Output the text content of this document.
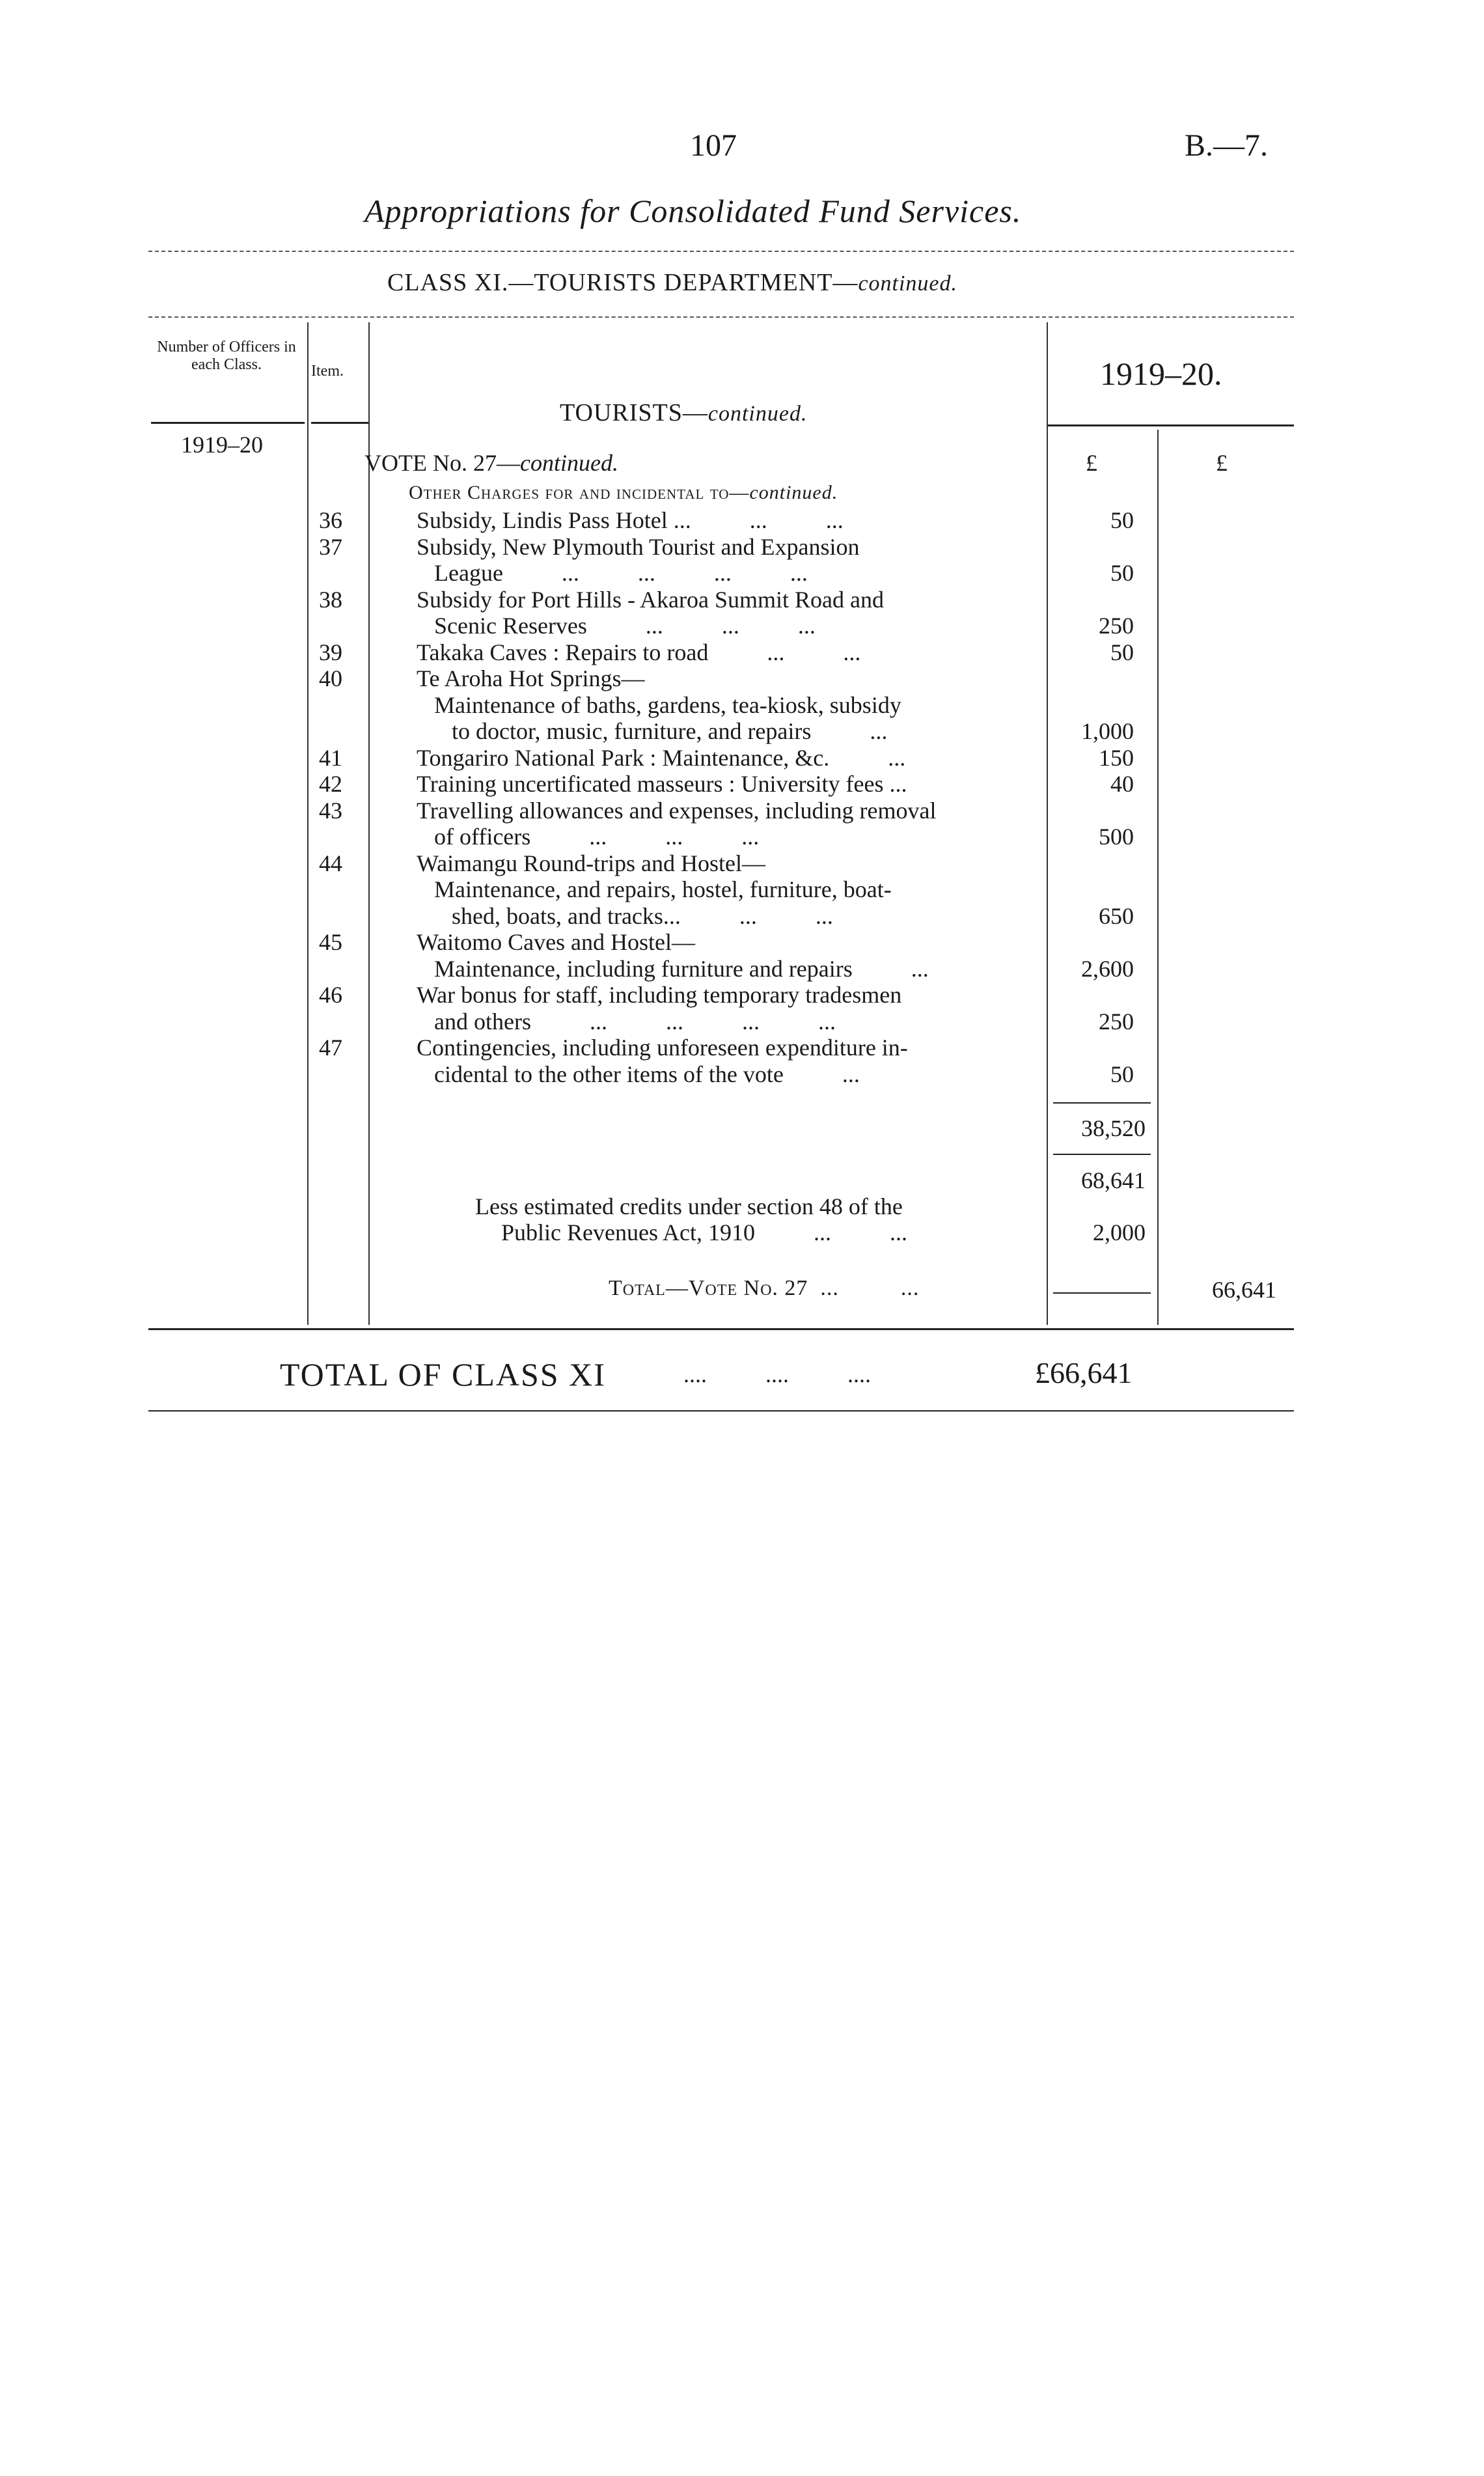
107	B.—7.
Appropriations for Consolidated Fund Services.
CLASS XI.—TOURISTS DEPARTMENT—continued.
Number of Officers in each Class.	Item.	1919–20.
TOURISTS—continued.
1919–20
£	£
VOTE No. 27—continued.
Other Charges for and incidental to—continued.
36	Subsidy, Lindis Pass Hotel ...          ...          ...	50
37	Subsidy, New Plymouth Tourist and Expansion
League          ...          ...          ...          ...	50
38	Subsidy for Port Hills - Akaroa Summit Road and
Scenic Reserves          ...          ...          ...	250
39	Takaka Caves : Repairs to road          ...          ...	50
40	Te Aroha Hot Springs—
Maintenance of baths, gardens, tea-kiosk, subsidy
to doctor, music, furniture, and repairs          ...	1,000
41	Tongariro National Park : Maintenance, &c.          ...	150
42	Training uncertificated masseurs : University fees ...	40
43	Travelling allowances and expenses, including removal
of officers          ...          ...          ...	500
44	Waimangu Round-trips and Hostel—
Maintenance, and repairs, hostel, furniture, boat-
shed, boats, and tracks...          ...          ...	650
45	Waitomo Caves and Hostel—
Maintenance, including furniture and repairs          ...	2,600
46	War bonus for staff, including temporary tradesmen
and others          ...          ...          ...          ...	250
47	Contingencies, including unforeseen expenditure in-
cidental to the other items of the vote          ...	50
38,520
68,641
Less estimated credits under section 48 of the
Public Revenues Act, 1910          ...          ...	2,000
Total—Vote No. 27  ...          ...	66,641
TOTAL OF CLASS XI	....          ....          ....	£66,641
